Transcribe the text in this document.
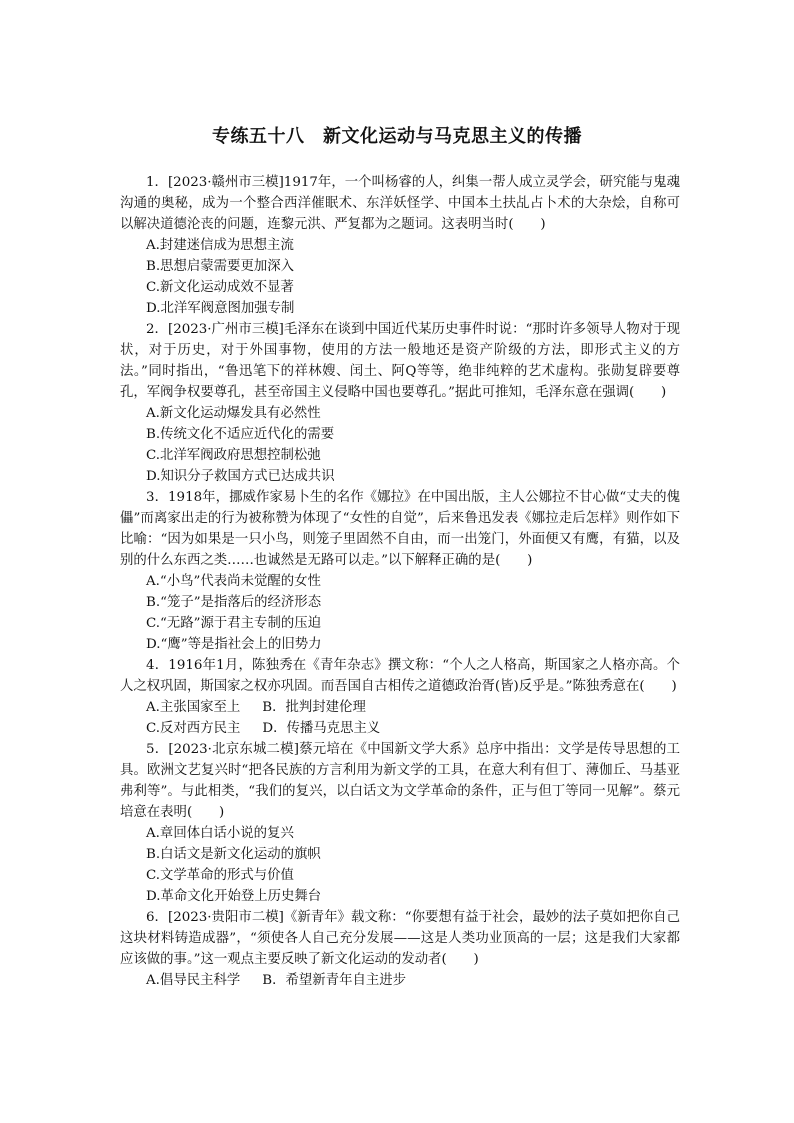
专练五十八　新文化运动与马克思主义的传播

1．[2023·赣州市三模]1917年，一个叫杨睿的人，纠集一帮人成立灵学会，研究能与鬼魂沟通的奥秘，成为一个整合西洋催眠术、东洋妖怪学、中国本土扶乩占卜术的大杂烩，自称可以解决道德沦丧的问题，连黎元洪、严复都为之题词。这表明当时(　　)

A.封建迷信成为思想主流

B.思想启蒙需要更加深入

C.新文化运动成效不显著

D.北洋军阀意图加强专制

2．[2023·广州市三模]毛泽东在谈到中国近代某历史事件时说：“那时许多领导人物对于现状，对于历史，对于外国事物，使用的方法一般地还是资产阶级的方法，即形式主义的方法。”同时指出，“鲁迅笔下的祥林嫂、闰土、阿Q等等，绝非纯粹的艺术虚构。张勋复辟要尊孔，军阀争权要尊孔，甚至帝国主义侵略中国也要尊孔。”据此可推知，毛泽东意在强调(　　)

A.新文化运动爆发具有必然性

B.传统文化不适应近代化的需要

C.北洋军阀政府思想控制松弛

D.知识分子救国方式已达成共识

3．1918年，挪威作家易卜生的名作《娜拉》在中国出版，主人公娜拉不甘心做“丈夫的傀儡”而离家出走的行为被称赞为体现了“女性的自觉”，后来鲁迅发表《娜拉走后怎样》则作如下比喻：“因为如果是一只小鸟，则笼子里固然不自由，而一出笼门，外面便又有鹰，有猫，以及别的什么东西之类……也诚然是无路可以走。”以下解释正确的是(　　)

A.“小鸟”代表尚未觉醒的女性

B.“笼子”是指落后的经济形态

C.“无路”源于君主专制的压迫

D.“鹰”等是指社会上的旧势力

4．1916年1月，陈独秀在《青年杂志》撰文称：“个人之人格高，斯国家之人格亦高。个人之权巩固，斯国家之权亦巩固。而吾国自古相传之道德政治胥(皆)反乎是。”陈独秀意在(　　)

A.主张国家至上 B．批判封建伦理

C.反对西方民主 D．传播马克思主义

5．[2023·北京东城二模]蔡元培在《中国新文学大系》总序中指出：文学是传导思想的工具。欧洲文艺复兴时“把各民族的方言利用为新文学的工具，在意大利有但丁、薄伽丘、马基亚弗利等”。与此相类，“我们的复兴，以白话文为文学革命的条件，正与但丁等同一见解”。蔡元培意在表明(　　)

A.章回体白话小说的复兴

B.白话文是新文化运动的旗帜

C.文学革命的形式与价值

D.革命文化开始登上历史舞台

6．[2023·贵阳市二模]《新青年》载文称：“你要想有益于社会，最妙的法子莫如把你自己这块材料铸造成器”，“须使各人自己充分发展——这是人类功业顶高的一层；这是我们大家都应该做的事。”这一观点主要反映了新文化运动的发动者(　　)

A.倡导民主科学 B．希望新青年自主进步
